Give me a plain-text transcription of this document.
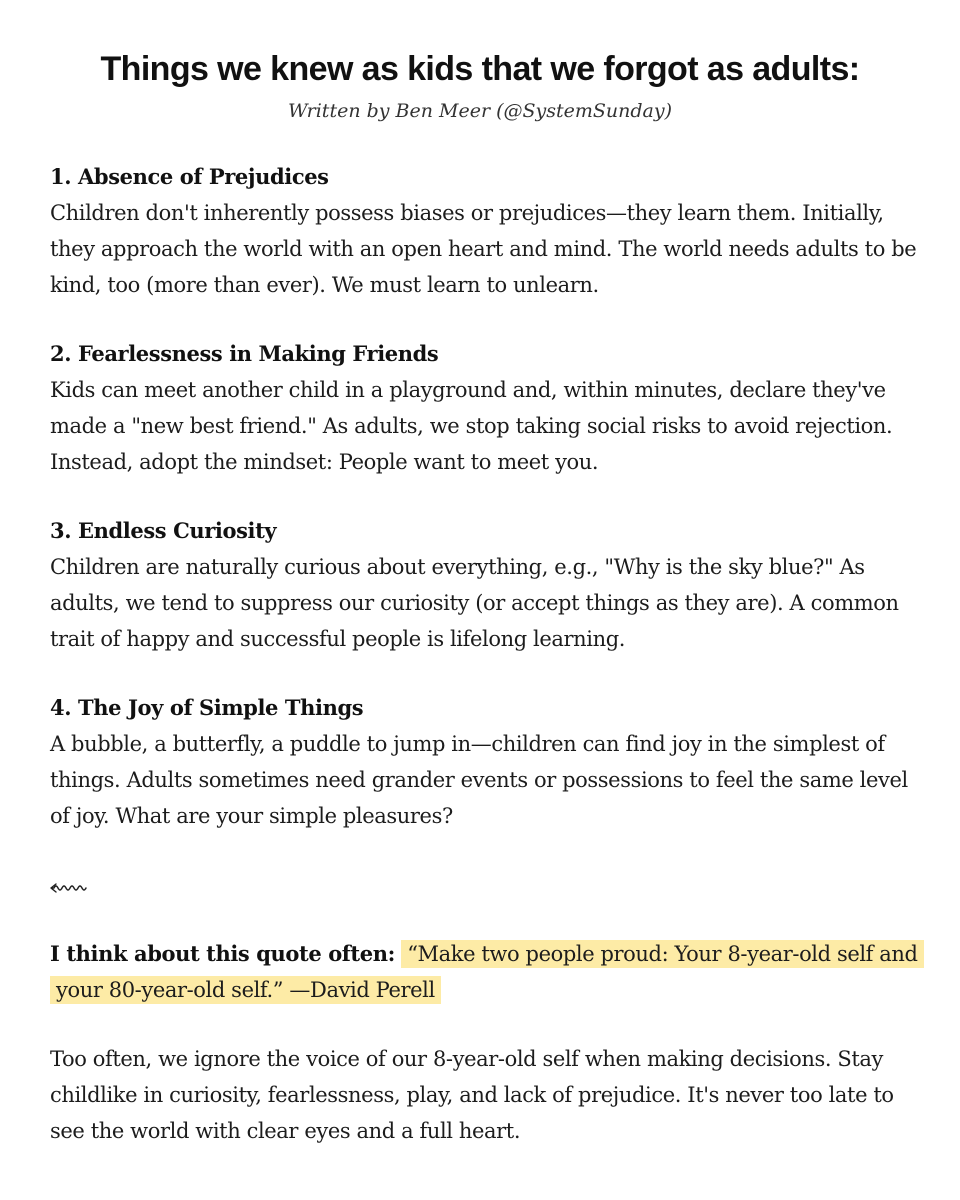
Things we knew as kids that we forgot as adults:

Written by Ben Meer (@SystemSunday)

1. Absence of Prejudices
Children don't inherently possess biases or prejudices—they learn them. Initially, they approach the world with an open heart and mind. The world needs adults to be kind, too (more than ever). We must learn to unlearn.
2. Fearlessness in Making Friends
Kids can meet another child in a playground and, within minutes, declare they've made a "new best friend." As adults, we stop taking social risks to avoid rejection. Instead, adopt the mindset: People want to meet you.
3. Endless Curiosity
Children are naturally curious about everything, e.g., "Why is the sky blue?" As adults, we tend to suppress our curiosity (or accept things as they are). A common trait of happy and successful people is lifelong learning.
4. The Joy of Simple Things
A bubble, a butterfly, a puddle to jump in—children can find joy in the simplest of things. Adults sometimes need grander events or possessions to feel the same level of joy. What are your simple pleasures?

I think about this quote often: “Make two people proud: Your 8-year-old self and your 80-year-old self.” —David Perell

Too often, we ignore the voice of our 8-year-old self when making decisions. Stay childlike in curiosity, fearlessness, play, and lack of prejudice. It's never too late to see the world with clear eyes and a full heart.
